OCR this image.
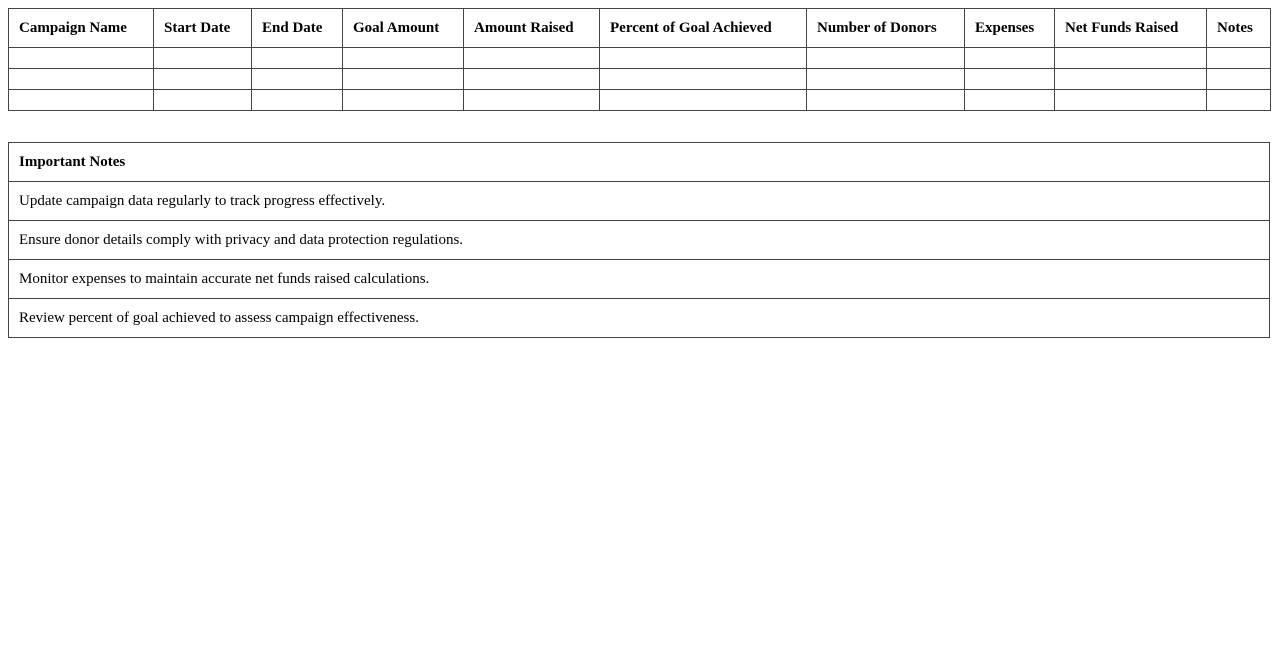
Campaign Name	Start Date	End Date	Goal Amount	Amount Raised	Percent of Goal Achieved	Number of Donors	Expenses	Net Funds Raised	Notes

Important Notes
Update campaign data regularly to track progress effectively.
Ensure donor details comply with privacy and data protection regulations.
Monitor expenses to maintain accurate net funds raised calculations.
Review percent of goal achieved to assess campaign effectiveness.
